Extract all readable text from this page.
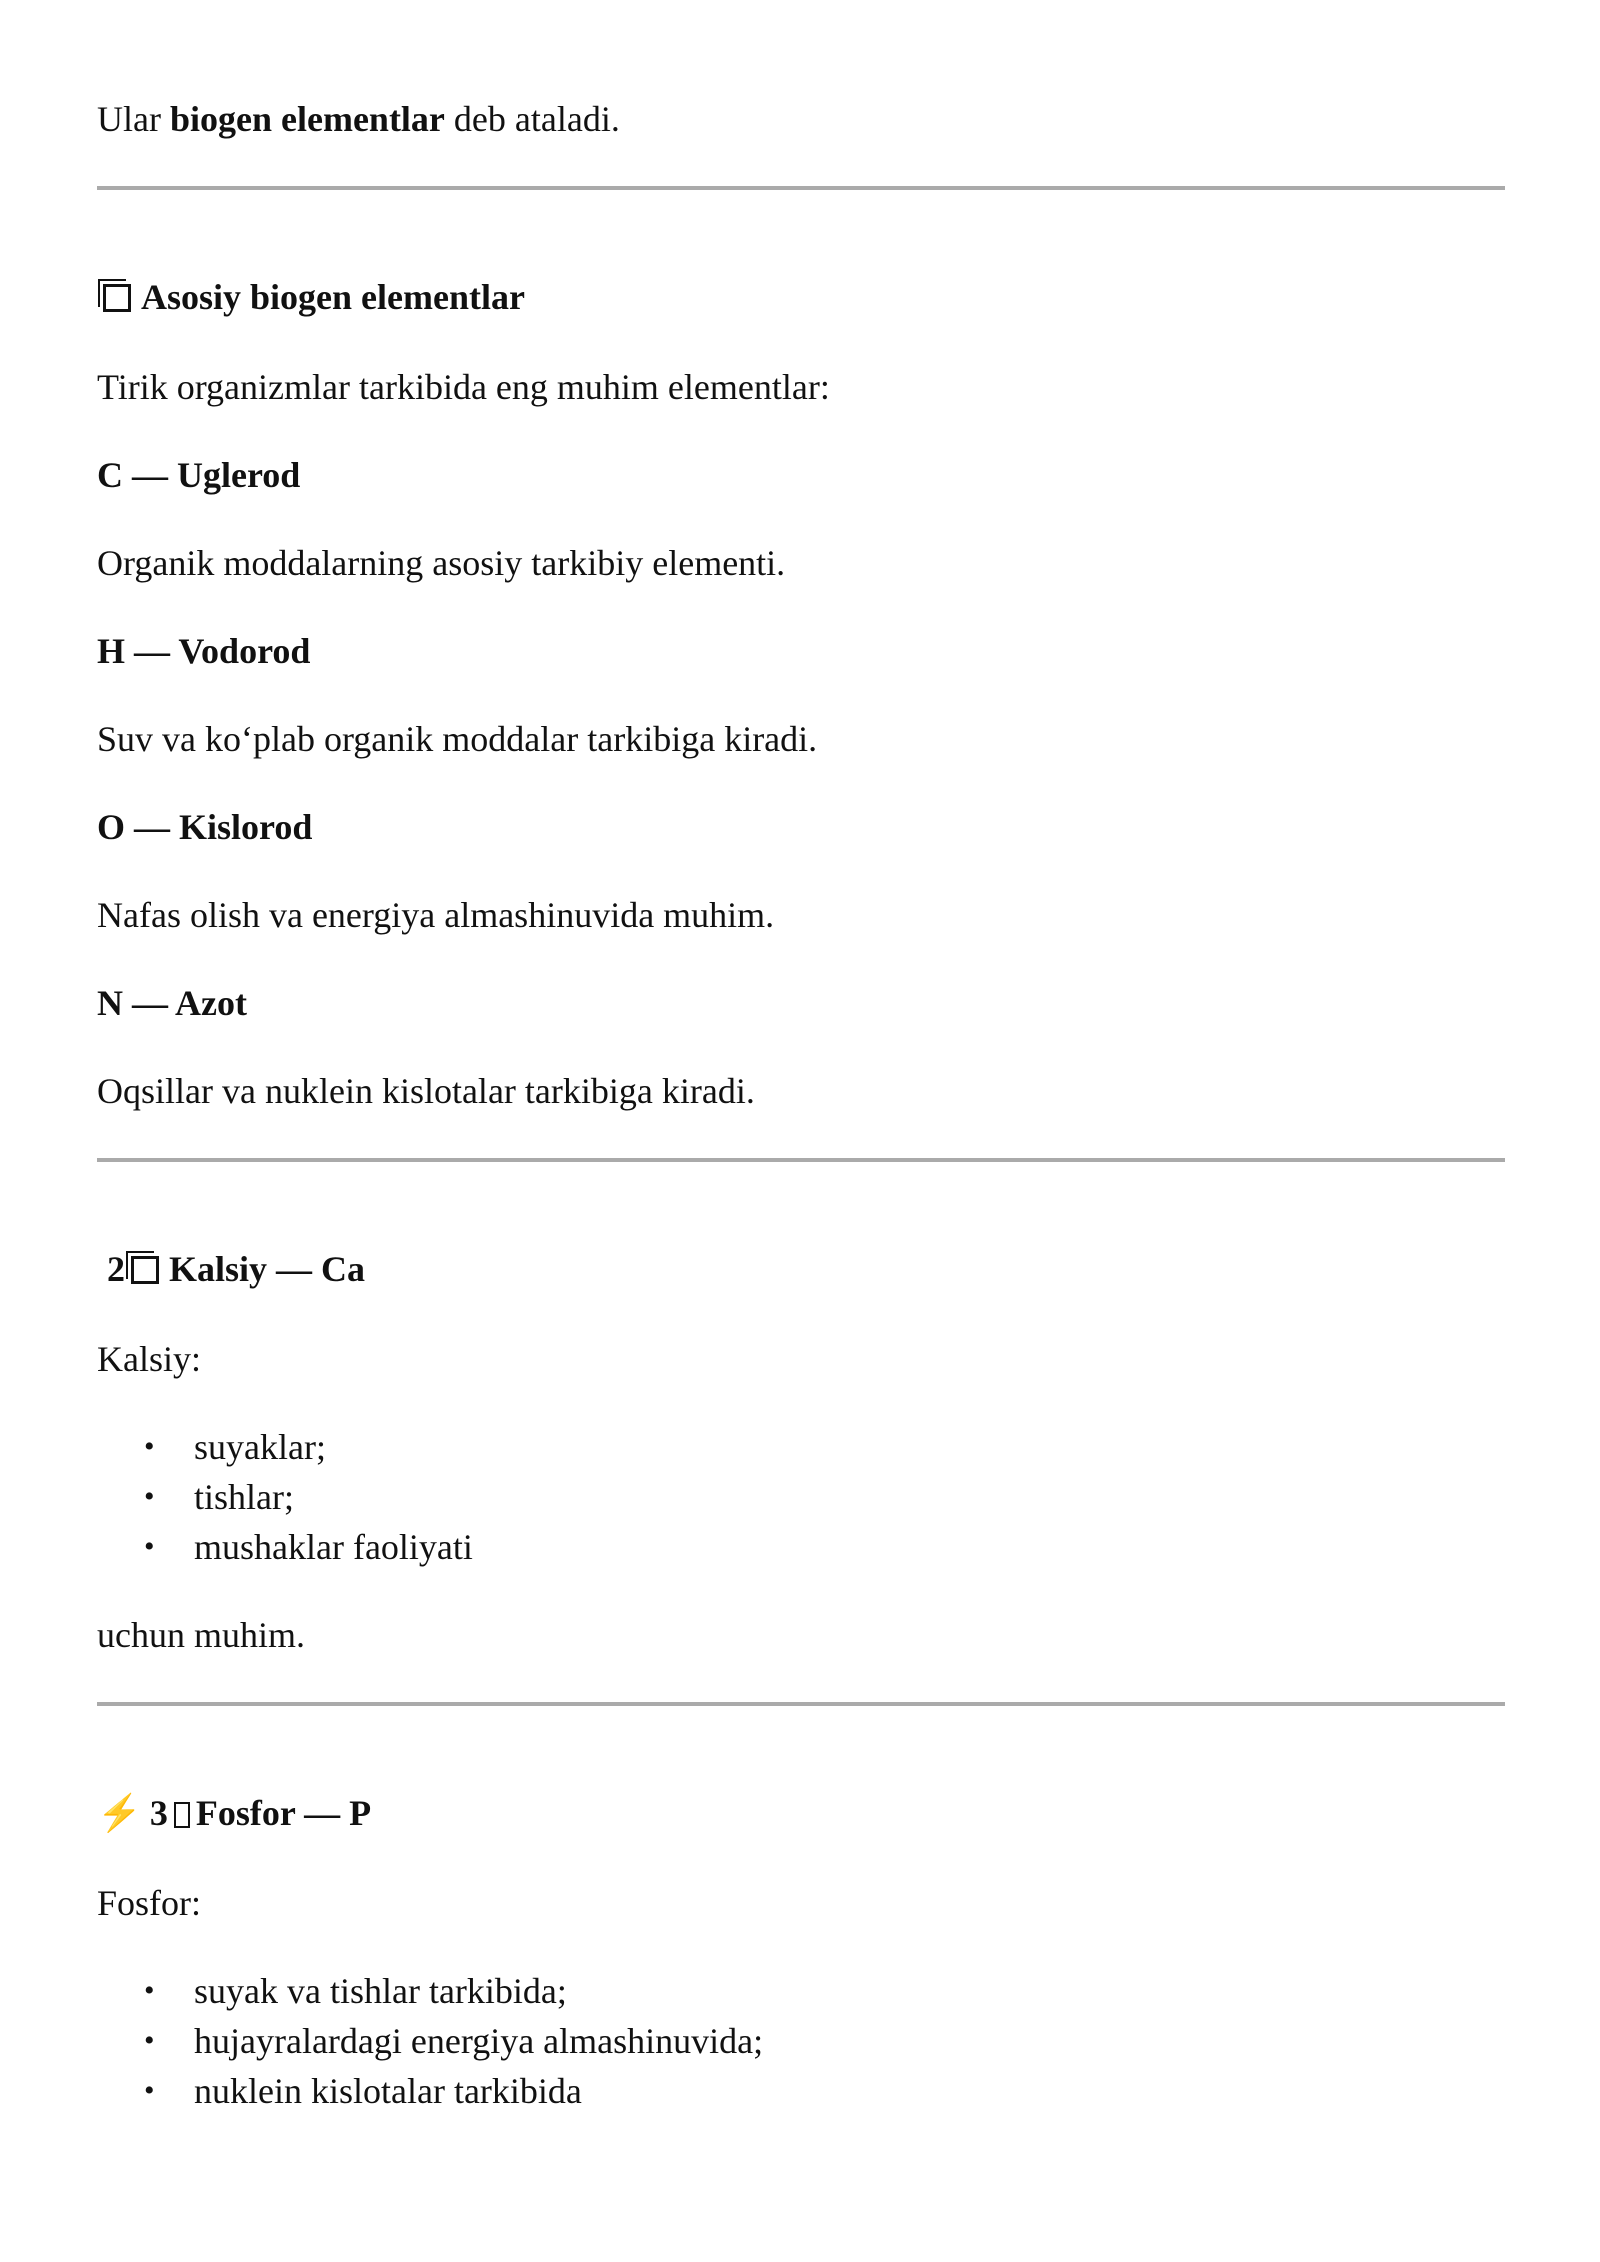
Ular biogen elementlar deb ataladi.

Asosiy biogen elementlar

Tirik organizmlar tarkibida eng muhim elementlar:

C — Uglerod

Organik moddalarning asosiy tarkibiy elementi.

H — Vodorod

Suv va ko‘plab organik moddalar tarkibiga kiradi.

O — Kislorod

Nafas olish va energiya almashinuvida muhim.

N — Azot

Oqsillar va nuklein kislotalar tarkibiga kiradi.

2 Kalsiy — Ca

Kalsiy:

• suyaklar;
• tishlar;
• mushaklar faoliyati

uchun muhim.

⚡ 3 Fosfor — P

Fosfor:

• suyak va tishlar tarkibida;
• hujayralardagi energiya almashinuvida;
• nuklein kislotalar tarkibida
